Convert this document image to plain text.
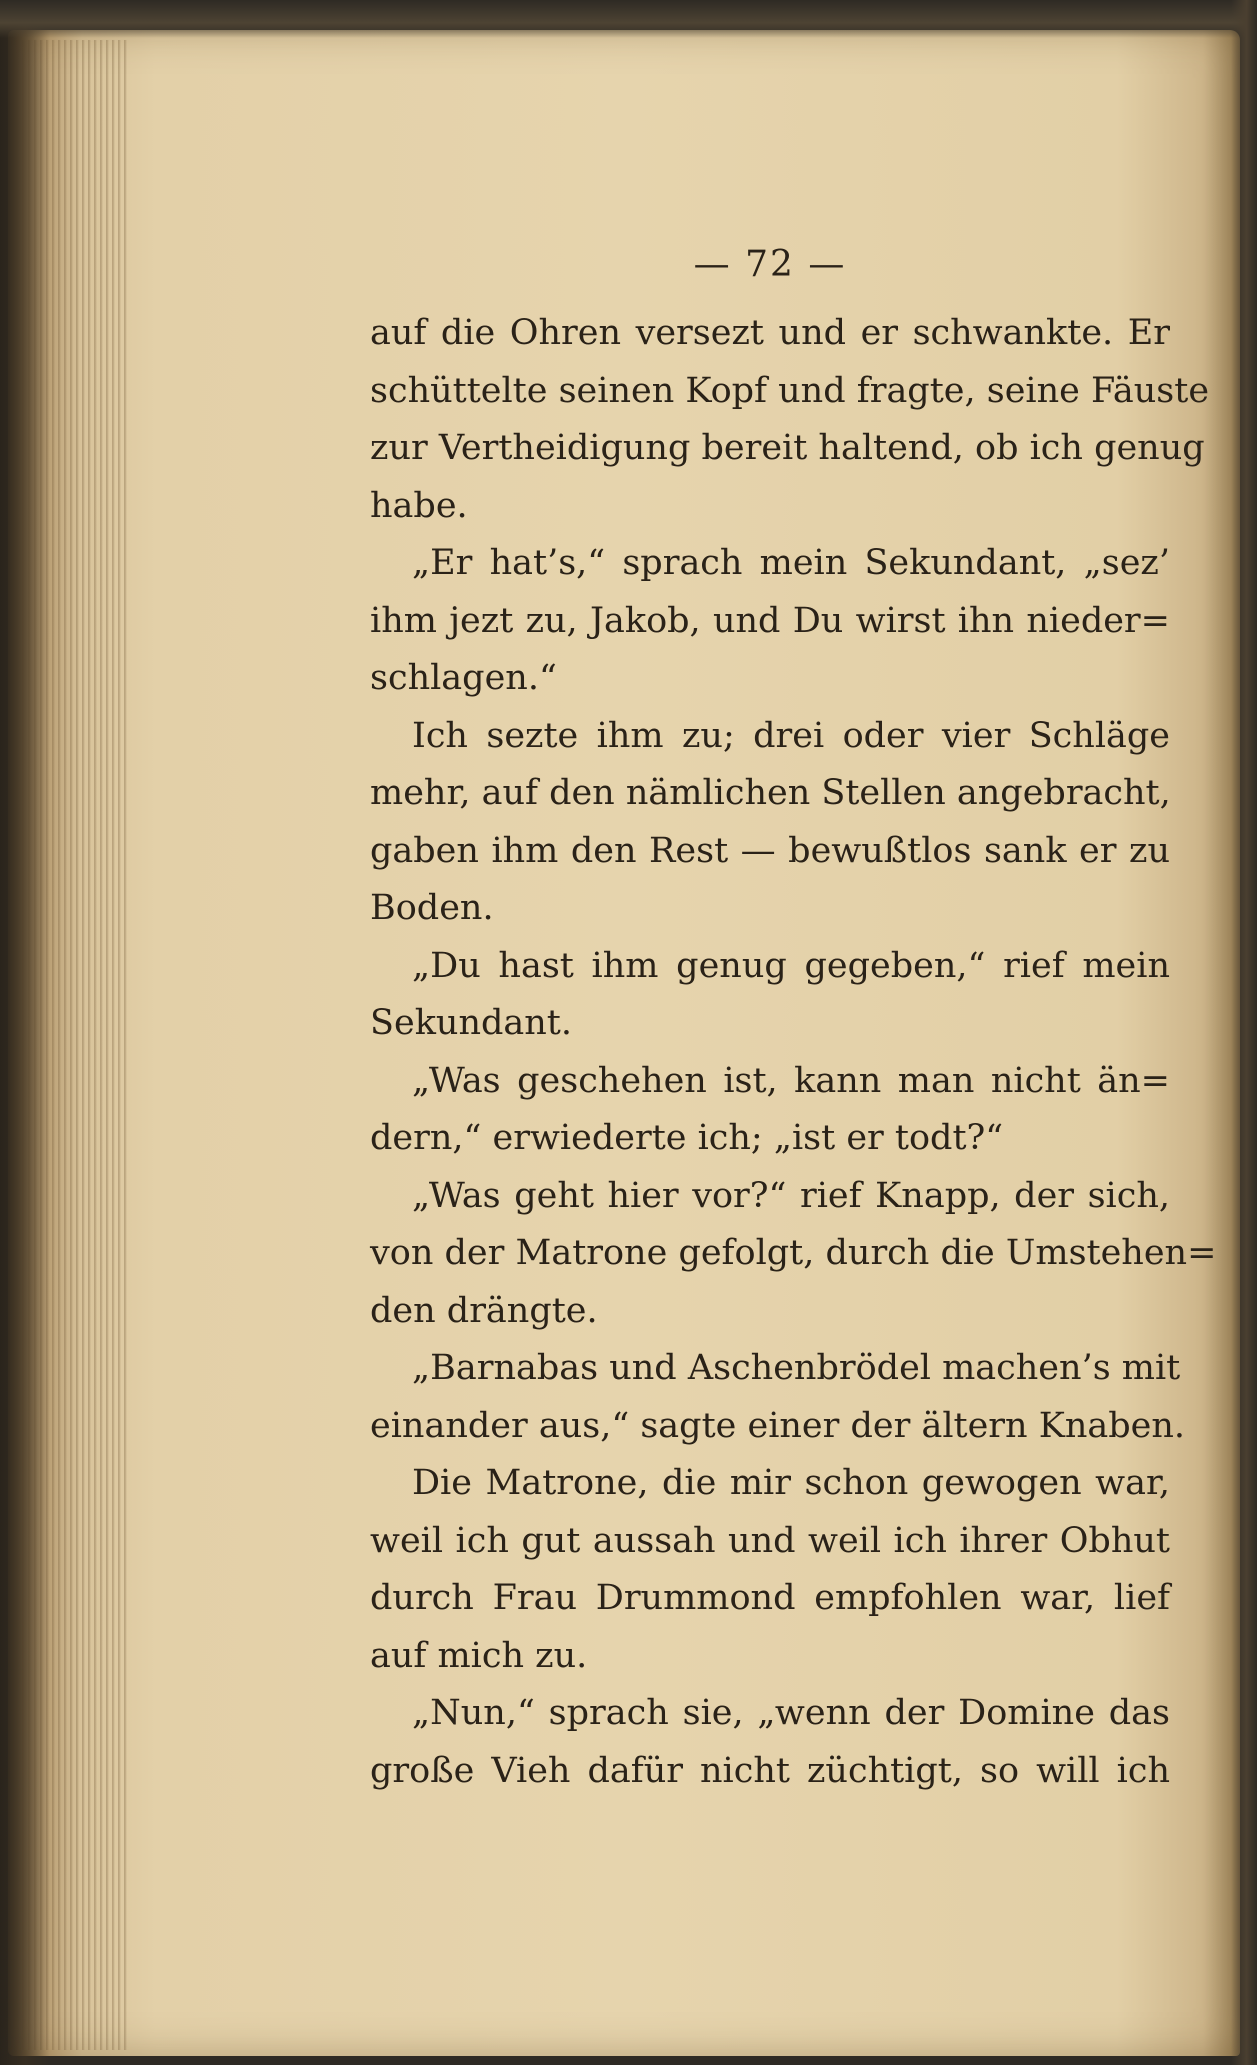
— 72 —
auf die Ohren versezt und er schwankte. Er
schüttelte seinen Kopf und fragte, seine Fäuste
zur Vertheidigung bereit haltend, ob ich genug
habe.
„Er hat’s,“ sprach mein Sekundant, „sez’
ihm jezt zu, Jakob, und Du wirst ihn nieder=
schlagen.“
Ich sezte ihm zu; drei oder vier Schläge
mehr, auf den nämlichen Stellen angebracht,
gaben ihm den Rest — bewußtlos sank er zu
Boden.
„Du hast ihm genug gegeben,“ rief mein
Sekundant.
„Was geschehen ist, kann man nicht än=
dern,“ erwiederte ich; „ist er todt?“
„Was geht hier vor?“ rief Knapp, der sich,
von der Matrone gefolgt, durch die Umstehen=
den drängte.
„Barnabas und Aschenbrödel machen’s mit
einander aus,“ sagte einer der ältern Knaben.
Die Matrone, die mir schon gewogen war,
weil ich gut aussah und weil ich ihrer Obhut
durch Frau Drummond empfohlen war, lief
auf mich zu.
„Nun,“ sprach sie, „wenn der Domine das
große Vieh dafür nicht züchtigt, so will ich
